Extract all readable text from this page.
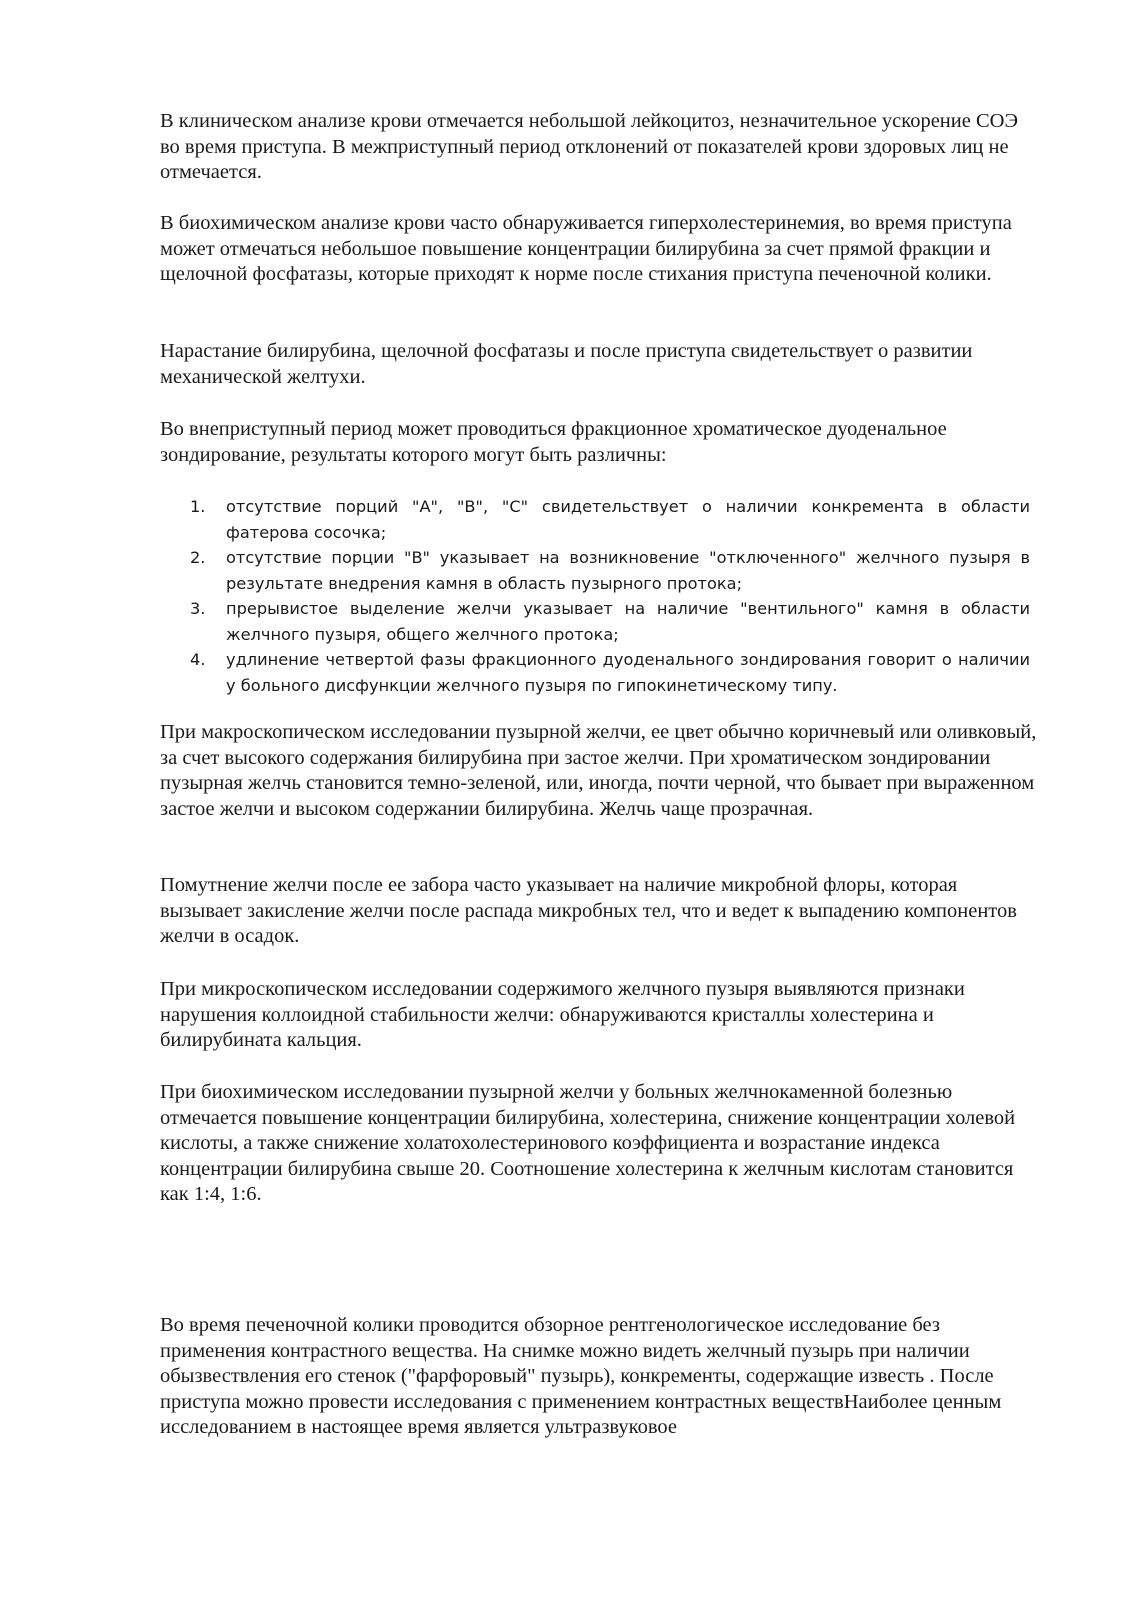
В клиническом анализе крови отмечается небольшой лейкоцитоз, незначительное ускорение СОЭ во время приступа. В межприступный период отклонений от показателей крови здоровых лиц не отмечается.

В биохимическом анализе крови часто обнаруживается гиперхолестеринемия, во время приступа может отмечаться небольшое повышение концентрации билирубина за счет прямой фракции и щелочной фосфатазы, которые приходят к норме после стихания приступа печеночной колики.

Нарастание билирубина, щелочной фосфатазы и после приступа свидетельствует о развитии механической желтухи.

Во внеприступный период может проводиться фракционное хроматическое дуоденальное зондирование, результаты которого могут быть различны:

1. отсутствие порций "А", "В", "С" свидетельствует о наличии конкремента в области фатерова сосочка;
2. отсутствие порции "В" указывает на возникновение "отключенного" желчного пузыря в результате внедрения камня в область пузырного протока;
3. прерывистое выделение желчи указывает на наличие "вентильного" камня в области желчного пузыря, общего желчного протока;
4. удлинение четвертой фазы фракционного дуоденального зондирования говорит о наличии у больного дисфункции желчного пузыря по гипокинетическому типу.

При макроскопическом исследовании пузырной желчи, ее цвет обычно коричневый или оливковый, за счет высокого содержания билирубина при застое желчи. При хроматическом зондировании пузырная желчь становится темно-зеленой, или, иногда, почти черной, что бывает при выраженном застое желчи и высоком содержании билирубина. Желчь чаще прозрачная.

Помутнение желчи после ее забора часто указывает на наличие микробной флоры, которая вызывает закисление желчи после распада микробных тел, что и ведет к выпадению компонентов желчи в осадок.

При микроскопическом исследовании содержимого желчного пузыря выявляются признаки нарушения коллоидной стабильности желчи: обнаруживаются кристаллы холестерина и билирубината кальция.

При биохимическом исследовании пузырной желчи у больных желчнокаменной болезнью отмечается повышение концентрации билирубина, холестерина, снижение концентрации холевой кислоты, а также снижение холатохолестеринового коэффициента и возрастание индекса концентрации билирубина свыше 20. Соотношение холестерина к желчным кислотам становится как 1:4, 1:6.

Во время печеночной колики проводится обзорное рентгенологическое исследование без применения контрастного вещества. На снимке можно видеть желчный пузырь при наличии обызвествления его стенок ("фарфоровый" пузырь), конкременты, содержащие известь . После приступа можно провести исследования с применением контрастных веществНаиболее ценным исследованием в настоящее время является ультразвуковое
